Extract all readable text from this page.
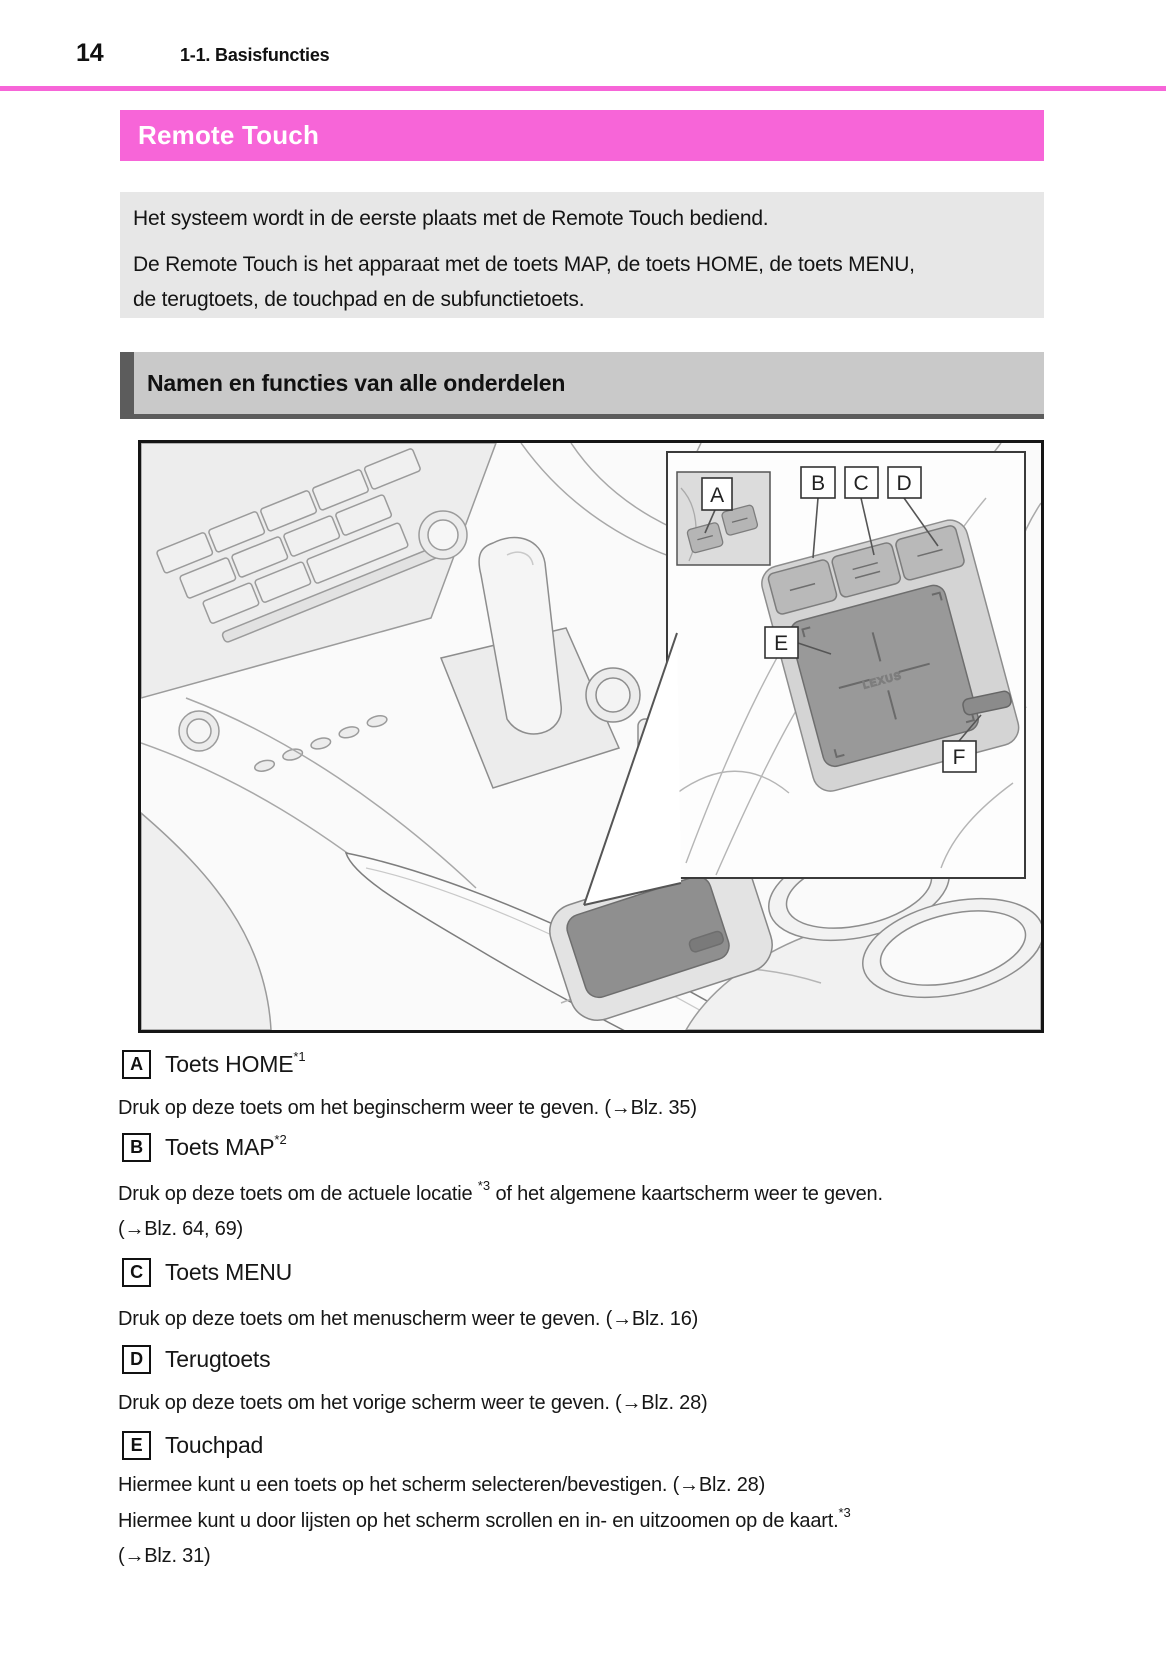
14	1-1. Basisfuncties
Remote Touch

Het systeem wordt in de eerste plaats met de Remote Touch bediend.

De Remote Touch is het apparaat met de toets MAP, de toets HOME, de toets MENU, de terugtoets, de touchpad en de subfunctietoets.

Namen en functies van alle onderdelen
LEXUS
A
B C D
E
F
A Toets HOME$^{*1}$

Druk op deze toets om het beginscherm weer te geven. (→Blz. 35)

B Toets MAP$^{*2}$

Druk op deze toets om de actuele locatie $^{*3}$ of het algemene kaartscherm weer te geven.
(→Blz. 64, 69)

C Toets MENU

Druk op deze toets om het menuscherm weer te geven. (→Blz. 16)

D Terugtoets

Druk op deze toets om het vorige scherm weer te geven. (→Blz. 28)

E Touchpad

Hiermee kunt u een toets op het scherm selecteren/bevestigen. (→Blz. 28)

Hiermee kunt u door lijsten op het scherm scrollen en in- en uitzoomen op de kaart.$^{*3}$
(→Blz. 31)
